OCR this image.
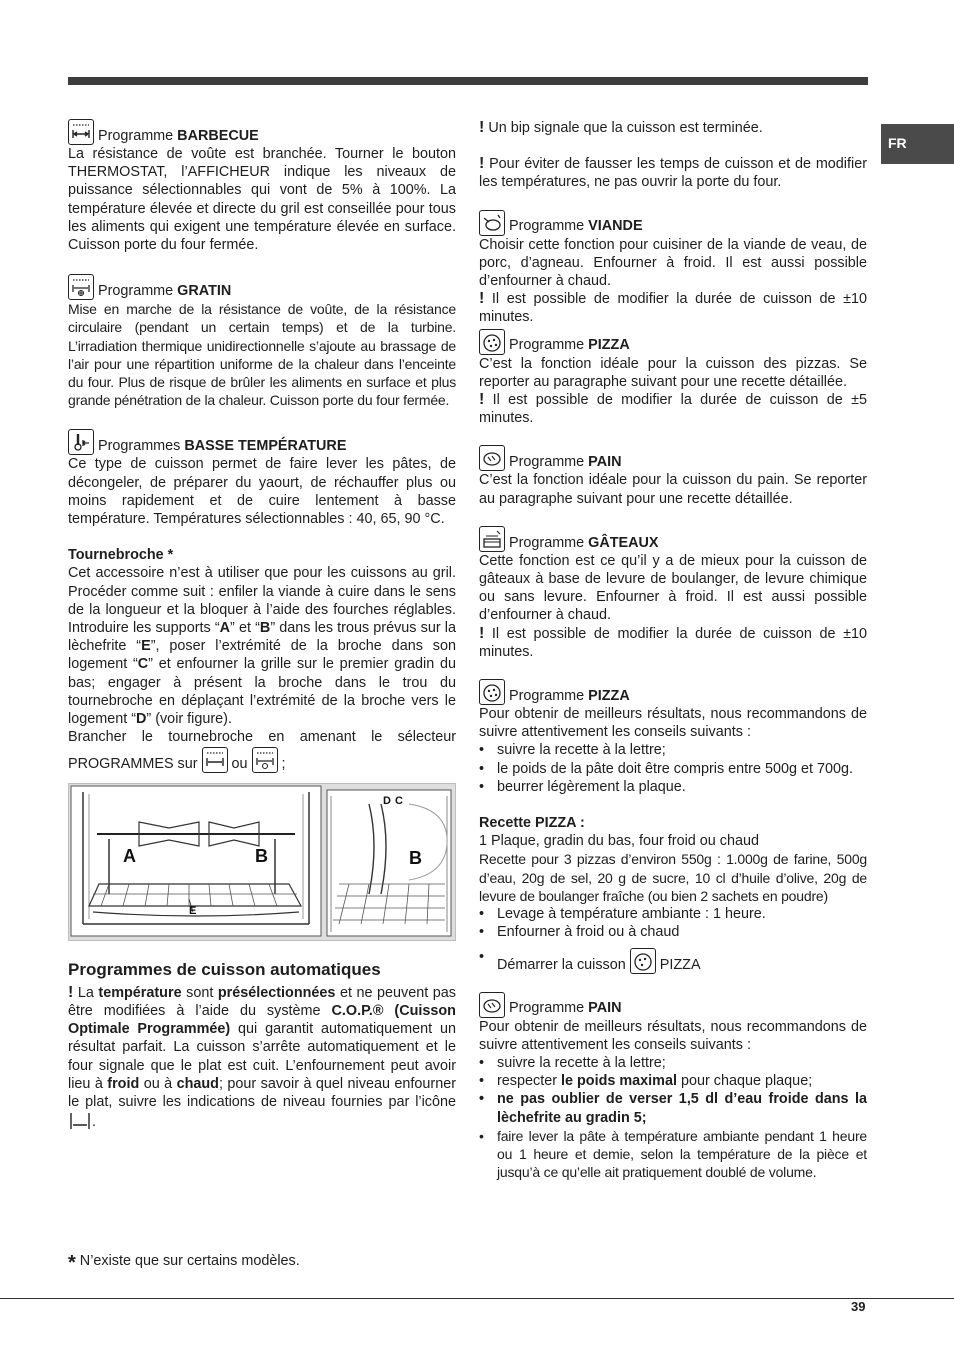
FR
Programme BARBECUE

La résistance de voûte est branchée. Tourner le bouton THERMOSTAT, l’AFFICHEUR indique les niveaux de puissance sélectionnables qui vont de 5% à 100%. La température élevée et directe du gril est conseillée pour tous les aliments qui exigent une température élevée en surface. Cuisson porte du four fermée.

Programme GRATIN

Mise en marche de la résistance de voûte, de la résistance circulaire (pendant un certain temps) et de la turbine. L’irradiation thermique unidirectionnelle s’ajoute au brassage de l’air pour une répartition uniforme de la chaleur dans l’enceinte du four. Plus de risque de brûler les aliments en surface et plus grande pénétration de la chaleur. Cuisson porte du four fermée.

Programmes BASSE TEMPÉRATURE

Ce type de cuisson permet de faire lever les pâtes, de décongeler, de préparer du yaourt, de réchauffer plus ou moins rapidement et de cuire lentement à basse température. Températures sélectionnables : 40, 65, 90 °C.

Tournebroche *

Cet accessoire n’est à utiliser que pour les cuissons au gril. Procéder comme suit : enfiler la viande à cuire dans le sens de la longueur et la bloquer à l’aide des fourches réglables. Introduire les supports “A” et “B” dans les trous prévus sur la lèchefrite “E”, poser l’extrémité de la broche dans son logement “C” et enfourner la grille sur le premier gradin du bas; engager à présent la broche dans le trou du tournebroche en déplaçant l’extrémité de la broche vers le logement “D” (voir figure).

Brancher le tournebroche en amenant le sélecteur

PROGRAMMES sur ou ;

A	B
E
D C
B
Programmes de cuisson automatiques

! La température sont présélectionnées et ne peuvent pas être modifiées à l’aide du système C.O.P.® (Cuisson Optimale Programmée) qui garantit automatiquement un résultat parfait. La cuisson s’arrête automatiquement et le four signale que le plat est cuit. L’enfournement peut avoir lieu à froid ou à chaud; pour savoir à quel niveau enfourner le plat, suivre les indications de niveau fournies par l’icône.

! Un bip signale que la cuisson est terminée.

! Pour éviter de fausser les temps de cuisson et de modifier les températures, ne pas ouvrir la porte du four.

Programme VIANDE

Choisir cette fonction pour cuisiner de la viande de veau, de porc, d’agneau. Enfourner à froid. Il est aussi possible d’enfourner à chaud.

! Il est possible de modifier la durée de cuisson de ±10 minutes.

Programme PIZZA

C’est la fonction idéale pour la cuisson des pizzas. Se reporter au paragraphe suivant pour une recette détaillée.

! Il est possible de modifier la durée de cuisson de ±5 minutes.

Programme PAIN

C’est la fonction idéale pour la cuisson du pain. Se reporter au paragraphe suivant pour une recette détaillée.

Programme GÂTEAUX

Cette fonction est ce qu’il y a de mieux pour la cuisson de gâteaux à base de levure de boulanger, de levure chimique ou sans levure. Enfourner à froid. Il est aussi possible d’enfourner à chaud.

! Il est possible de modifier la durée de cuisson de ±10 minutes.

Programme PIZZA

Pour obtenir de meilleurs résultats, nous recommandons de suivre attentivement les conseils suivants :

• suivre la recette à la lettre;
• le poids de la pâte doit être compris entre 500g et 700g.
• beurrer légèrement la plaque.

Recette PIZZA :

1 Plaque, gradin du bas, four froid ou chaud

Recette pour 3 pizzas d’environ 550g : 1.000g de farine, 500g d’eau, 20g de sel, 20 g de sucre, 10 cl d’huile d’olive, 20g de levure de boulanger fraîche (ou bien 2 sachets en poudre)

• Levage à température ambiante : 1 heure.
• Enfourner à froid ou à chaud
• Démarrer la cuisson PIZZA
Programme PAIN

Pour obtenir de meilleurs résultats, nous recommandons de suivre attentivement les conseils suivants :

• suivre la recette à la lettre;
• respecter le poids maximal pour chaque plaque;
• ne pas oublier de verser 1,5 dl d’eau froide dans la lèchefrite au gradin 5;
• faire lever la pâte à température ambiante pendant 1 heure ou 1 heure et demie, selon la température de la pièce et jusqu’à ce qu’elle ait pratiquement doublé de volume.
* N’existe que sur certains modèles.
39
